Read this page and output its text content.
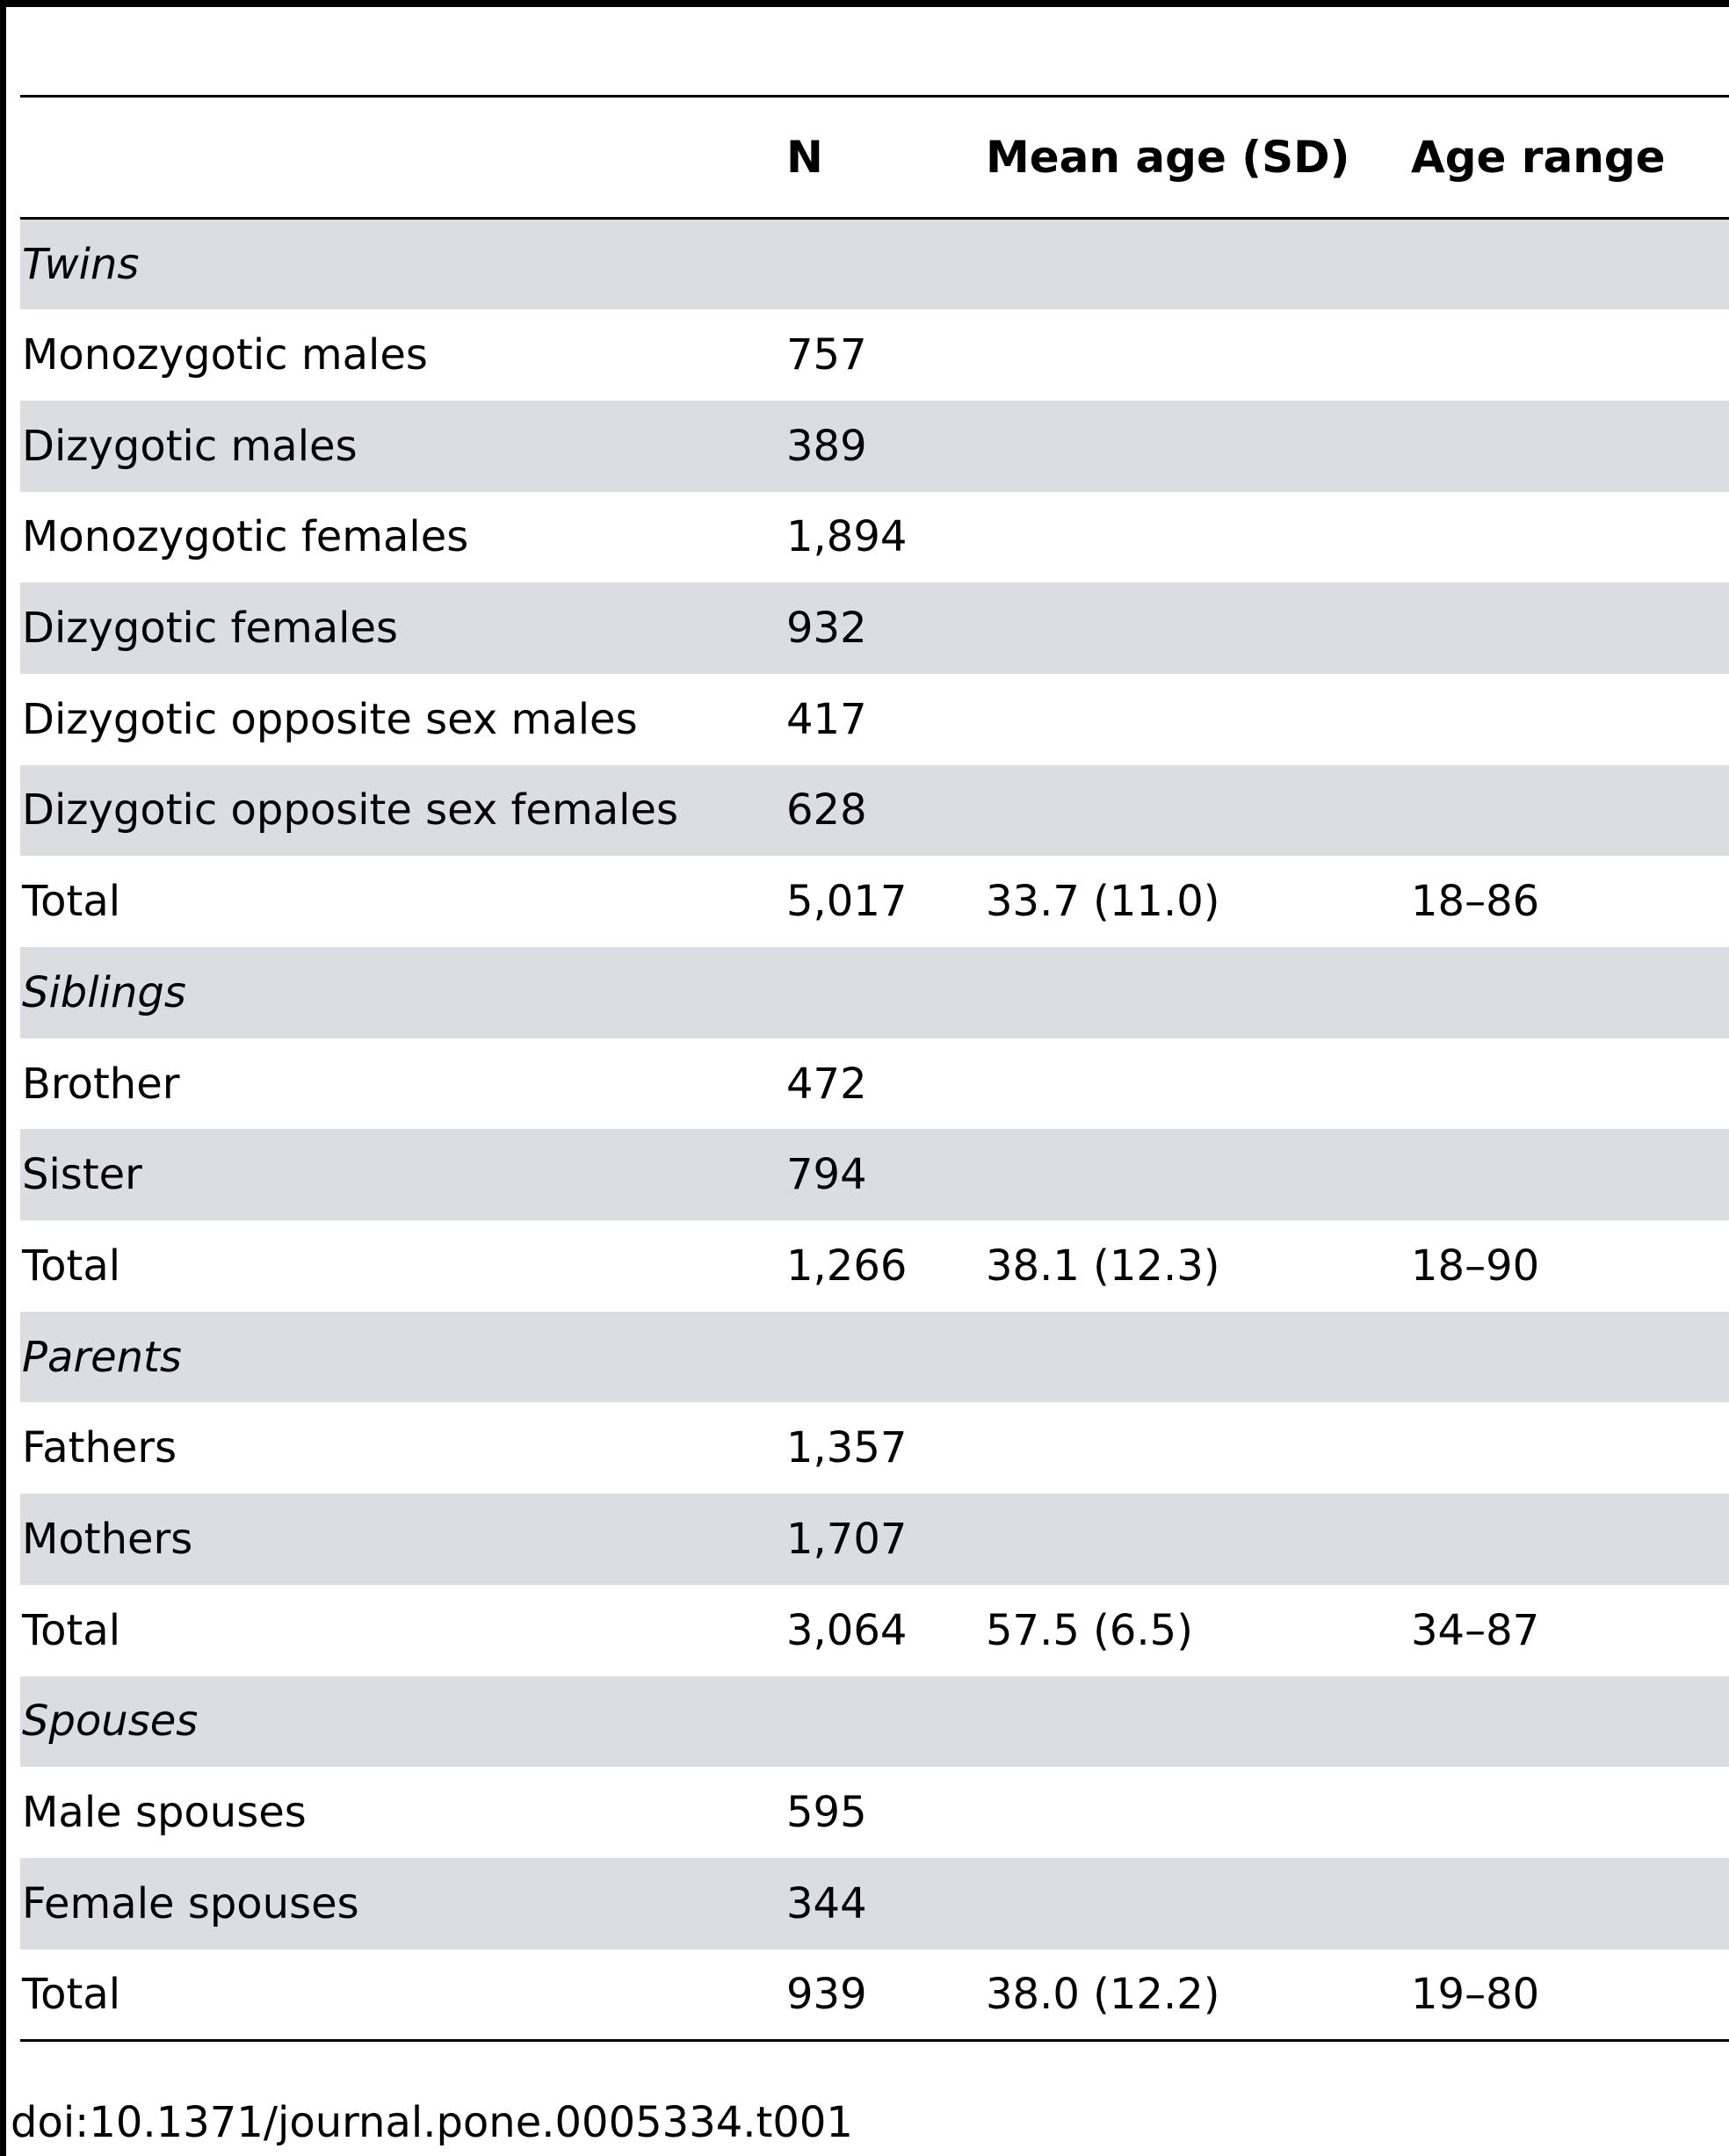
	N	Mean age (SD)	Age range
Twins			
Monozygotic males	757		
Dizygotic males	389		
Monozygotic females	1,894		
Dizygotic females	932		
Dizygotic opposite sex males	417		
Dizygotic opposite sex females	628		
Total	5,017	33.7 (11.0)	18–86
Siblings			
Brother	472		
Sister	794		
Total	1,266	38.1 (12.3)	18–90
Parents			
Fathers	1,357		
Mothers	1,707		
Total	3,064	57.5 (6.5)	34–87
Spouses			
Male spouses	595		
Female spouses	344		
Total	939	38.0 (12.2)	19–80
doi:10.1371/journal.pone.0005334.t001
